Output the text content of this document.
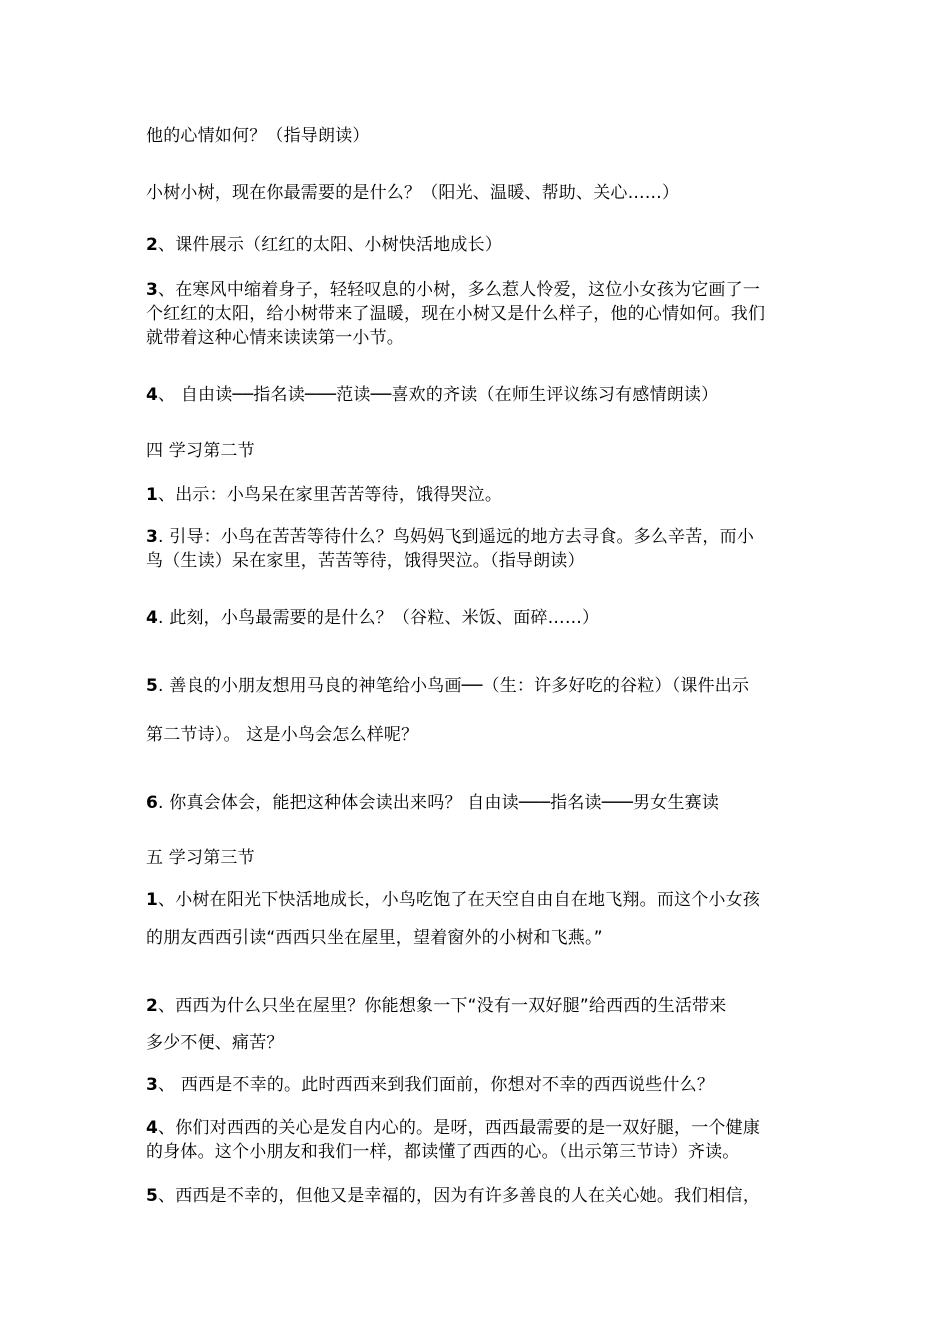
他的心情如何？（指导朗读）
小树小树，现在你最需要的是什么？（阳光、温暖、帮助、关心……）
2、课件展示（红红的太阳、小树快活地成长）
3、在寒风中缩着身子，轻轻叹息的小树，多么惹人怜爱，这位小女孩为它画了一
个红红的太阳，给小树带来了温暖，现在小树又是什么样子，他的心情如何。我们
就带着这种心情来读读第一小节。
4、 自由读──指名读───范读──喜欢的齐读（在师生评议练习有感情朗读）
四 学习第二节
1、出示：小鸟呆在家里苦苦等待，饿得哭泣。
3. 引导：小鸟在苦苦等待什么？鸟妈妈飞到遥远的地方去寻食。多么辛苦，而小
鸟（生读）呆在家里，苦苦等待，饿得哭泣。（指导朗读）
4. 此刻，小鸟最需要的是什么？（谷粒、米饭、面碎……）
5. 善良的小朋友想用马良的神笔给小鸟画──（生：许多好吃的谷粒）（课件出示
第二节诗）。 这是小鸟会怎么样呢？
6. 你真会体会，能把这种体会读出来吗？ 自由读───指名读───男女生赛读
五 学习第三节
1、小树在阳光下快活地成长，小鸟吃饱了在天空自由自在地飞翔。而这个小女孩
的朋友西西引读“西西只坐在屋里，望着窗外的小树和飞燕。”
2、西西为什么只坐在屋里？你能想象一下“没有一双好腿”给西西的生活带来
多少不便、痛苦？
3、 西西是不幸的。此时西西来到我们面前，你想对不幸的西西说些什么？
4、你们对西西的关心是发自内心的。是呀，西西最需要的是一双好腿，一个健康
的身体。这个小朋友和我们一样，都读懂了西西的心。（出示第三节诗）齐读。
5、西西是不幸的，但他又是幸福的，因为有许多善良的人在关心她。我们相信，
